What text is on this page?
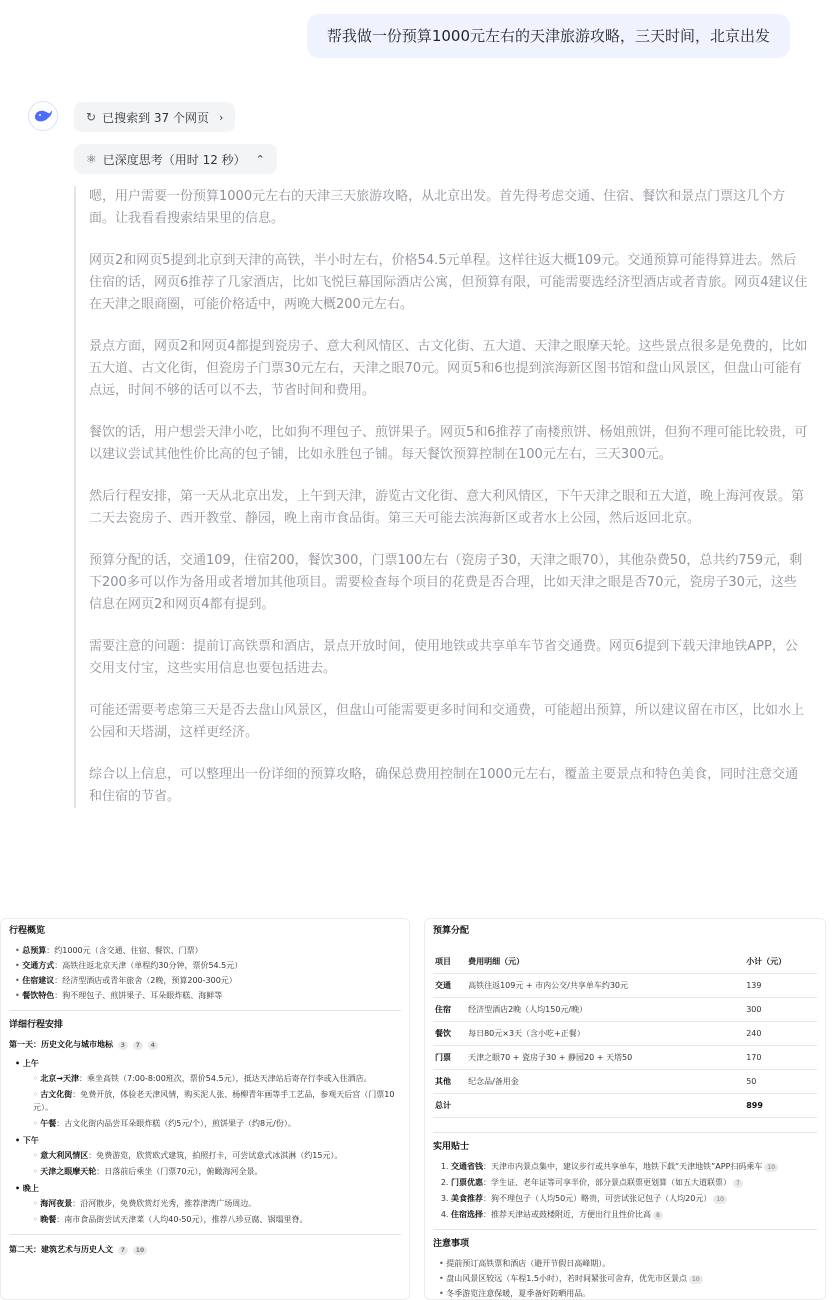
帮我做一份预算1000元左右的天津旅游攻略，三天时间，北京出发
↻ 已搜索到 37 个网页 ›
⚛ 已深度思考（用时 12 秒） ⌃

嗯，用户需要一份预算1000元左右的天津三天旅游攻略，从北京出发。首先得考虑交通、住宿、餐饮和景点门票这几个方面。让我看看搜索结果里的信息。

网页2和网页5提到北京到天津的高铁，半小时左右，价格54.5元单程。这样往返大概109元。交通预算可能得算进去。然后住宿的话，网页6推荐了几家酒店，比如飞悦巨幕国际酒店公寓，但预算有限，可能需要选经济型酒店或者青旅。网页4建议住在天津之眼商圈，可能价格适中，两晚大概200元左右。

景点方面，网页2和网页4都提到瓷房子、意大利风情区、古文化街、五大道、天津之眼摩天轮。这些景点很多是免费的，比如五大道、古文化街，但瓷房子门票30元左右，天津之眼70元。网页5和6也提到滨海新区图书馆和盘山风景区，但盘山可能有点远，时间不够的话可以不去，节省时间和费用。

餐饮的话，用户想尝天津小吃，比如狗不理包子、煎饼果子。网页5和6推荐了南楼煎饼、杨姐煎饼，但狗不理可能比较贵，可以建议尝试其他性价比高的包子铺，比如永胜包子铺。每天餐饮预算控制在100元左右，三天300元。

然后行程安排，第一天从北京出发，上午到天津，游览古文化街、意大利风情区，下午天津之眼和五大道，晚上海河夜景。第二天去瓷房子、西开教堂、静园，晚上南市食品街。第三天可能去滨海新区或者水上公园，然后返回北京。

预算分配的话，交通109，住宿200，餐饮300，门票100左右（瓷房子30，天津之眼70），其他杂费50，总共约759元，剩下200多可以作为备用或者增加其他项目。需要检查每个项目的花费是否合理，比如天津之眼是否70元，瓷房子30元，这些信息在网页2和网页4都有提到。

需要注意的问题：提前订高铁票和酒店，景点开放时间，使用地铁或共享单车节省交通费。网页6提到下载天津地铁APP，公交用支付宝，这些实用信息也要包括进去。

可能还需要考虑第三天是否去盘山风景区，但盘山可能需要更多时间和交通费，可能超出预算，所以建议留在市区，比如水上公园和天塔湖，这样更经济。

综合以上信息，可以整理出一份详细的预算攻略，确保总费用控制在1000元左右，覆盖主要景点和特色美食，同时注意交通和住宿的节省。

行程概览
• 总预算：约1000元（含交通、住宿、餐饮、门票）
• 交通方式：高铁往返北京天津（单程约30分钟，票价54.5元）
• 住宿建议：经济型酒店或青年旅舍（2晚，预算200-300元）
• 餐饮特色：狗不理包子、煎饼果子、耳朵眼炸糕、海鲜等
详细行程安排
第一天：历史文化与城市地标 3 7 4
• 上午
◦ 北京→天津：乘坐高铁（7:00-8:00班次，票价54.5元），抵达天津站后寄存行李或入住酒店。
◦ 古文化街：免费开放，体验老天津风情，购买泥人张、杨柳青年画等手工艺品，参观天后宫（门票10元）。
◦ 午餐：古文化街内品尝耳朵眼炸糕（约5元/个），煎饼果子（约8元/份）。
• 下午
◦ 意大利风情区：免费游览，欣赏欧式建筑，拍照打卡，可尝试意式冰淇淋（约15元）。
◦ 天津之眼摩天轮：日落前后乘坐（门票70元），俯瞰海河全景。
• 晚上
◦ 海河夜景：沿河散步，免费欣赏灯光秀，推荐津湾广场周边。
◦ 晚餐：南市食品街尝试天津菜（人均40-50元），推荐八珍豆腐、锅塌里脊。
第二天：建筑艺术与历史人文 7 10
预算分配
项目	费用明细（元）	小计（元）
交通	高铁往返109元 + 市内公交/共享单车约30元	139
住宿	经济型酒店2晚（人均150元/晚）	300
餐饮	每日80元×3天（含小吃+正餐）	240
门票	天津之眼70 + 瓷房子30 + 静园20 + 天塔50	170
其他	纪念品/备用金	50
总计		899
实用贴士
1. 交通省钱：天津市内景点集中，建议步行或共享单车，地铁下载“天津地铁”APP扫码乘车 10
2. 门票优惠：学生证、老年证等可享半价，部分景点联票更划算（如五大道联票） 7
3. 美食推荐：狗不理包子（人均50元）略贵，可尝试张记包子（人均20元） 10
4. 住宿选择：推荐天津站或鼓楼附近，方便出行且性价比高 8
注意事项
• 提前预订高铁票和酒店（避开节假日高峰期）。
• 盘山风景区较远（车程1.5小时），若时间紧张可舍弃，优先市区景点 10
• 冬季游览注意保暖，夏季备好防晒用品。
